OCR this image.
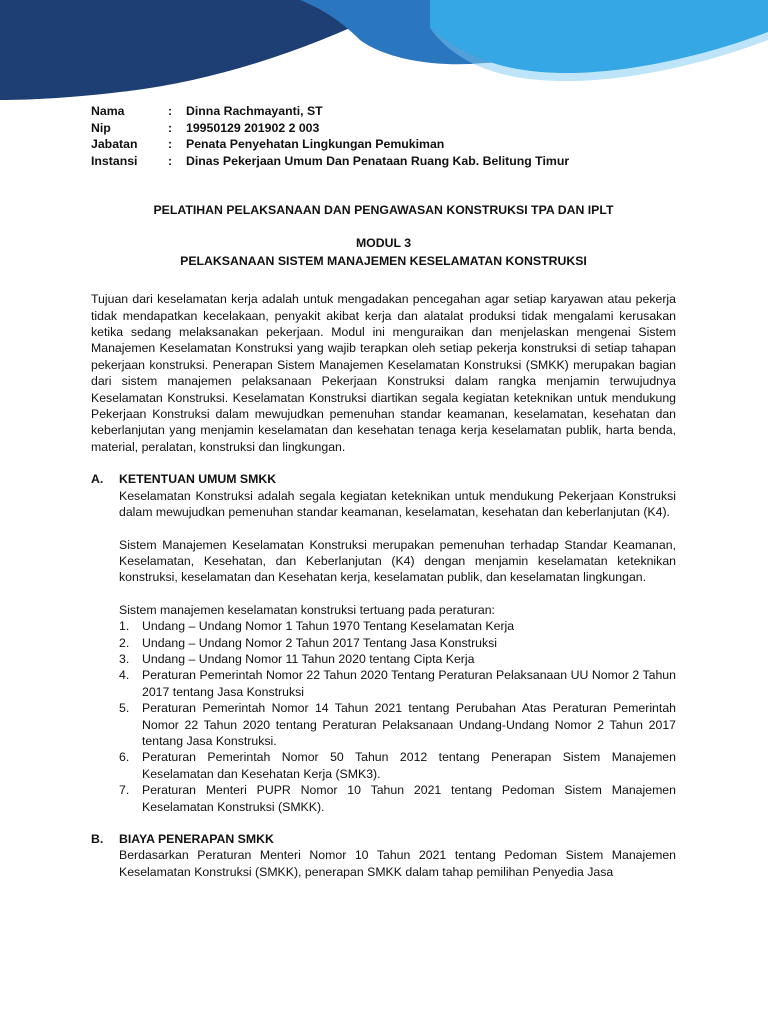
Nama	:	Dinna Rachmayanti, ST
Nip	:	19950129 201902 2 003
Jabatan	:	Penata Penyehatan Lingkungan Pemukiman
Instansi	:	Dinas Pekerjaan Umum Dan Penataan Ruang Kab. Belitung Timur
PELATIHAN PELAKSANAAN DAN PENGAWASAN KONSTRUKSI TPA DAN IPLT
MODUL 3
PELAKSANAAN SISTEM MANAJEMEN KESELAMATAN KONSTRUKSI
Tujuan dari keselamatan kerja adalah untuk mengadakan pencegahan agar setiap karyawan atau pekerja tidak mendapatkan kecelakaan, penyakit akibat kerja dan alatalat produksi tidak mengalami kerusakan ketika sedang melaksanakan pekerjaan. Modul ini menguraikan dan menjelaskan mengenai Sistem Manajemen Keselamatan Konstruksi yang wajib terapkan oleh setiap pekerja konstruksi di setiap tahapan pekerjaan konstruksi. Penerapan Sistem Manajemen Keselamatan Konstruksi (SMKK) merupakan bagian dari sistem manajemen pelaksanaan Pekerjaan Konstruksi dalam rangka menjamin terwujudnya Keselamatan Konstruksi. Keselamatan Konstruksi diartikan segala kegiatan keteknikan untuk mendukung Pekerjaan Konstruksi dalam mewujudkan pemenuhan standar keamanan, keselamatan, kesehatan dan keberlanjutan yang menjamin keselamatan dan kesehatan tenaga kerja keselamatan publik, harta benda, material, peralatan, konstruksi dan lingkungan.
A.	KETENTUAN UMUM SMKK
Keselamatan Konstruksi adalah segala kegiatan keteknikan untuk mendukung Pekerjaan Konstruksi dalam mewujudkan pemenuhan standar keamanan, keselamatan, kesehatan dan keberlanjutan (K4).
Sistem Manajemen Keselamatan Konstruksi merupakan pemenuhan terhadap Standar Keamanan, Keselamatan, Kesehatan, dan Keberlanjutan (K4) dengan menjamin keselamatan keteknikan konstruksi, keselamatan dan Kesehatan kerja, keselamatan publik, dan keselamatan lingkungan.
Sistem manajemen keselamatan konstruksi tertuang pada peraturan:
1.	Undang – Undang Nomor 1 Tahun 1970 Tentang Keselamatan Kerja
2.	Undang – Undang Nomor 2 Tahun 2017 Tentang Jasa Konstruksi
3.	Undang – Undang Nomor 11 Tahun 2020 tentang Cipta Kerja
4.	Peraturan Pemerintah Nomor 22 Tahun 2020 Tentang Peraturan Pelaksanaan UU Nomor 2 Tahun 2017 tentang Jasa Konstruksi
5.	Peraturan Pemerintah Nomor 14 Tahun 2021 tentang Perubahan Atas Peraturan Pemerintah Nomor 22 Tahun 2020 tentang Peraturan Pelaksanaan Undang-Undang Nomor 2 Tahun 2017 tentang Jasa Konstruksi.
6.	Peraturan Pemerintah Nomor 50 Tahun 2012 tentang Penerapan Sistem Manajemen Keselamatan dan Kesehatan Kerja (SMK3).
7.	Peraturan Menteri PUPR Nomor 10 Tahun 2021 tentang Pedoman Sistem Manajemen Keselamatan Konstruksi (SMKK).
B.	BIAYA PENERAPAN SMKK
Berdasarkan Peraturan Menteri Nomor 10 Tahun 2021 tentang Pedoman Sistem Manajemen Keselamatan Konstruksi (SMKK), penerapan SMKK dalam tahap pemilihan Penyedia Jasa
